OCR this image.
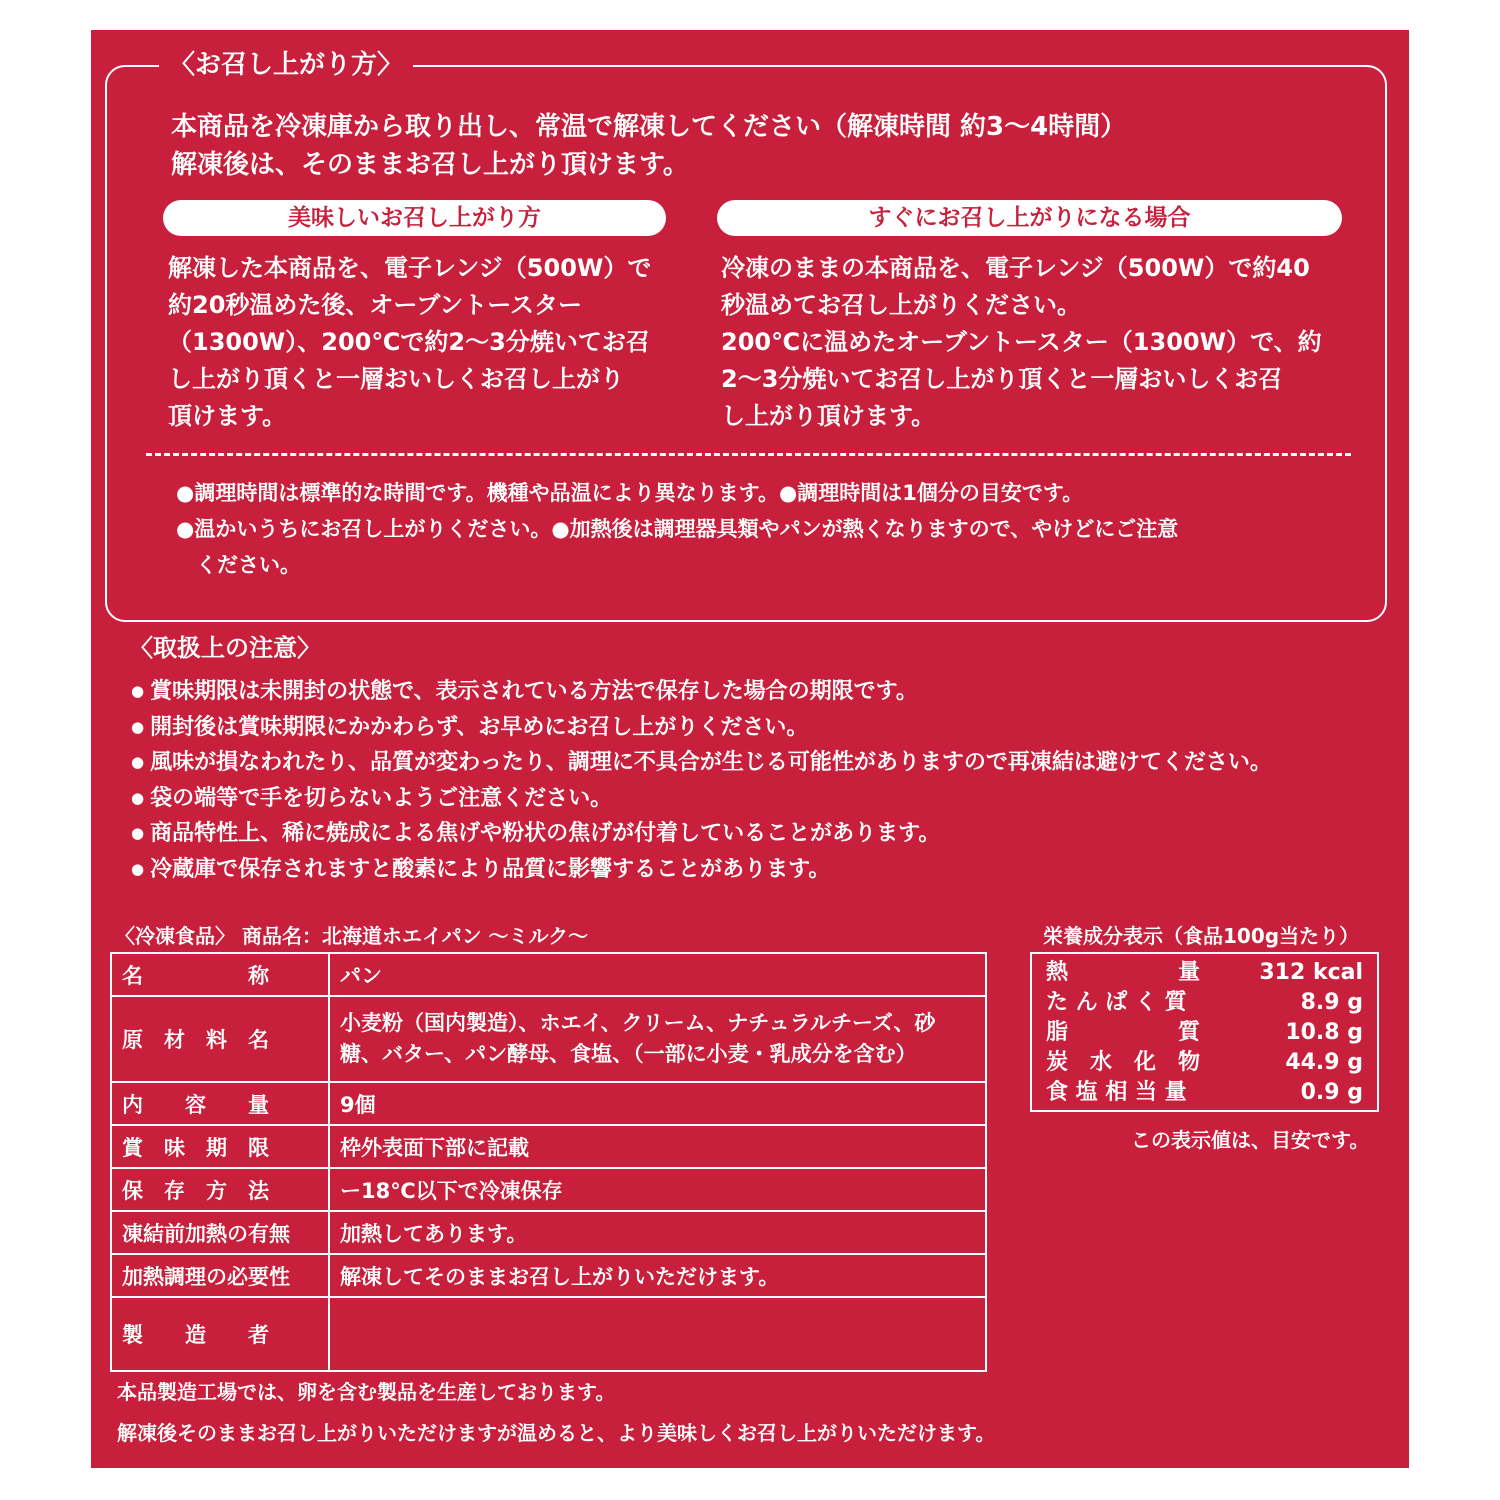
〈お召し上がり方〉
本商品を冷凍庫から取り出し、常温で解凍してください（解凍時間 約3〜4時間）
解凍後は、そのままお召し上がり頂けます。
美味しいお召し上がり方
解凍した本商品を、電子レンジ（500W）で
約20秒温めた後、オーブントースター
（1300W）、200℃で約2〜3分焼いてお召
し上がり頂くと一層おいしくお召し上がり
頂けます。
すぐにお召し上がりになる場合
冷凍のままの本商品を、電子レンジ（500W）で約40
秒温めてお召し上がりください。
200℃に温めたオーブントースター（1300W）で、約
2〜3分焼いてお召し上がり頂くと一層おいしくお召
し上がり頂けます。
●調理時間は標準的な時間です。機種や品温により異なります。●調理時間は1個分の目安です。
●温かいうちにお召し上がりください。●加熱後は調理器具類やパンが熱くなりますので、やけどにご注意
ください。
〈取扱上の注意〉
● 賞味期限は未開封の状態で、表示されている方法で保存した場合の期限です。
● 開封後は賞味期限にかかわらず、お早めにお召し上がりください。
● 風味が損なわれたり、品質が変わったり、調理に不具合が生じる可能性がありますので再凍結は避けてください。
● 袋の端等で手を切らないようご注意ください。
● 商品特性上、稀に焼成による焦げや粉状の焦げが付着していることがあります。
● 冷蔵庫で保存されますと酸素により品質に影響することがあります。
〈冷凍食品〉 商品名：北海道ホエイパン 〜ミルク〜
名　　　　　称	パン
原　材　料　名	小麦粉（国内製造）、ホエイ、クリーム、ナチュラルチーズ、砂糖、バター、パン酵母、食塩、（一部に小麦・乳成分を含む）
内　　容　　量	9個
賞　味　期　限	枠外表面下部に記載
保　存　方　法	ー18℃以下で冷凍保存
凍結前加熱の有無	加熱してあります。
加熱調理の必要性	解凍してそのままお召し上がりいただけます。
製　　造　　者	
栄養成分表示（食品100g当たり）
熱　　　　　量	312 kcal
た ん ぱ く 質	8.9 g
脂　　　　　質	10.8 g
炭　水　化　物	44.9 g
食 塩 相 当 量	0.9 g
この表示値は、目安です。
本品製造工場では、卵を含む製品を生産しております。
解凍後そのままお召し上がりいただけますが温めると、より美味しくお召し上がりいただけます。
